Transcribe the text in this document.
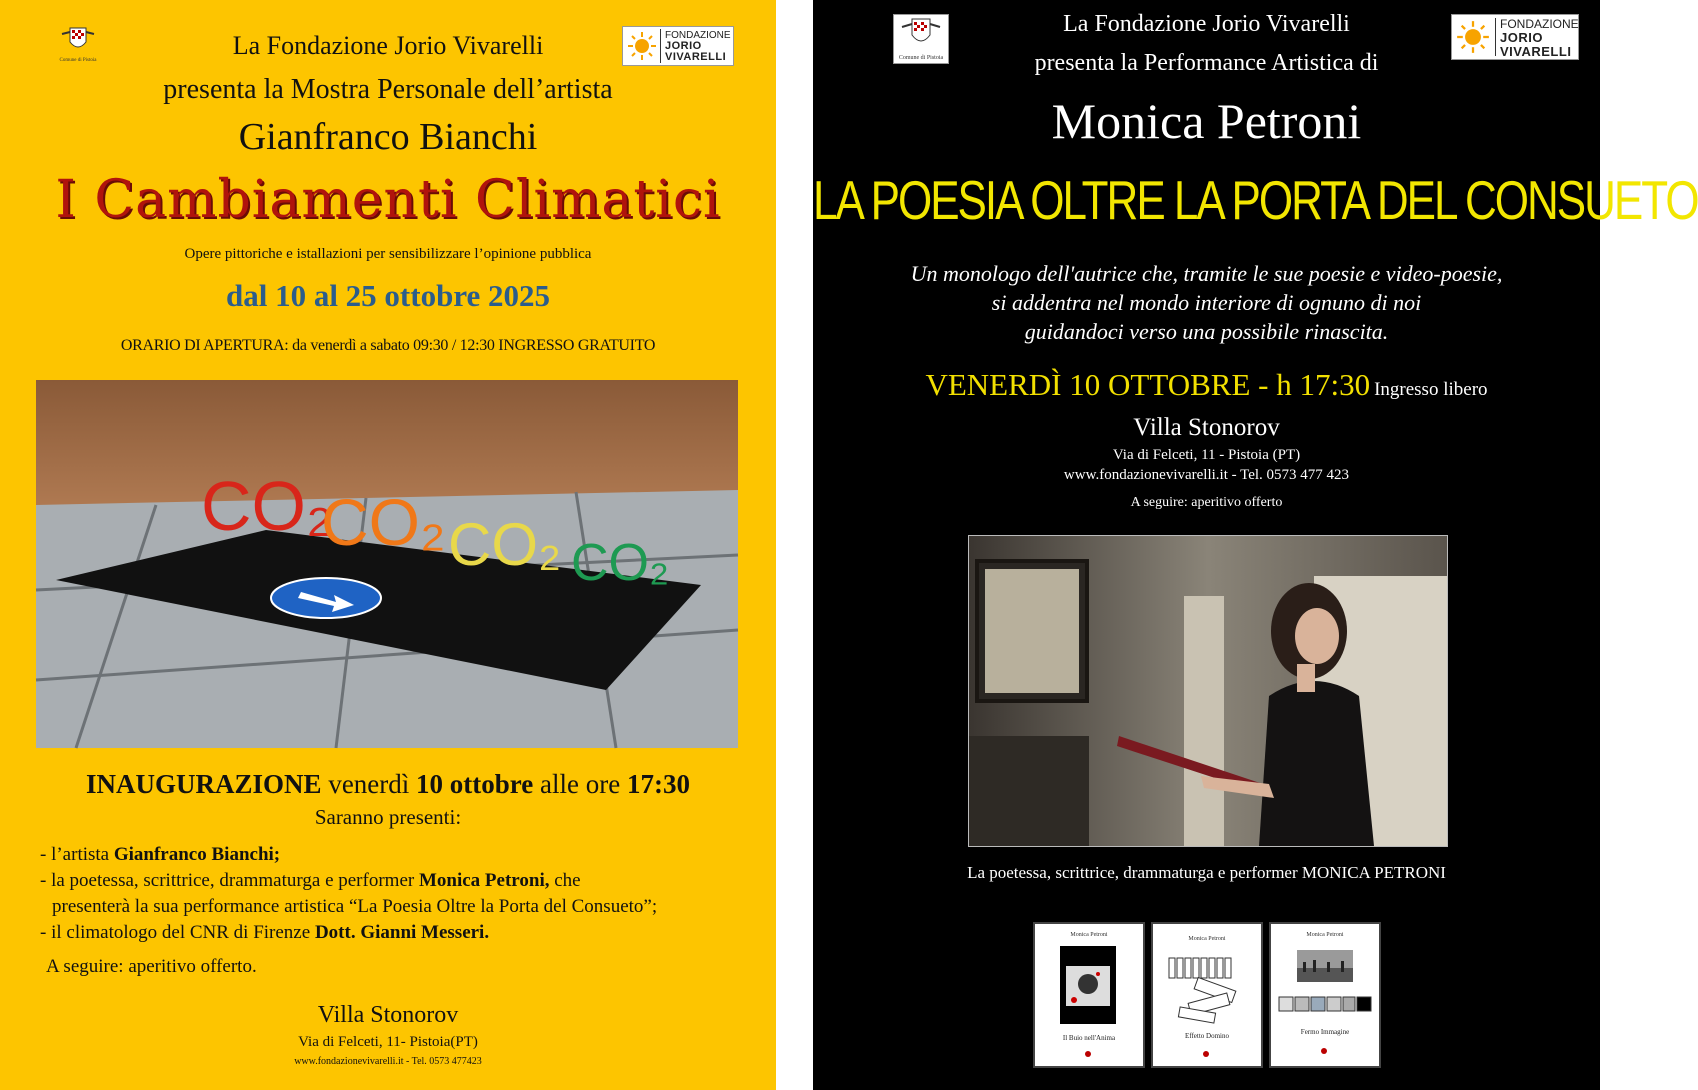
Comune di Pistoia
FONDAZIONE
JORIO
VIVARELLI
La Fondazione Jorio Vivarelli
presenta la Mostra Personale dell’artista
Gianfranco Bianchi
I Cambiamenti Climatici
Opere pittoriche e istallazioni per sensibilizzare l’opinione pubblica
dal 10 al 25 ottobre 2025
ORARIO DI APERTURA: da venerdì a sabato 09:30 / 12:30 INGRESSO GRATUITO
CO₂
CO₂ CO₂ CO₂
INAUGURAZIONE venerdì 10 ottobre alle ore 17:30
Saranno presenti:
- l’artista Gianfranco Bianchi;
- la poetessa, scrittrice, drammaturga e performer Monica Petroni, che
presenterà la sua performance artistica “La Poesia Oltre la Porta del Consueto”;
- il climatologo del CNR di Firenze Dott. Gianni Messeri.
A seguire: aperitivo offerto.
Villa Stonorov
Via di Felceti, 11- Pistoia(PT)
www.fondazionevivarelli.it - Tel. 0573 477423
Comune di Pistoia
FONDAZIONE
JORIO
VIVARELLI
La Fondazione Jorio Vivarelli
presenta la Performance Artistica di
Monica Petroni
LA POESIA OLTRE LA PORTA DEL CONSUETO
Un monologo dell'autrice che, tramite le sue poesie e video-poesie,
si addentra nel mondo interiore di ognuno di noi
guidandoci verso una possibile rinascita.
VENERDÌ 10 OTTOBRE - h 17:30 Ingresso libero
Villa Stonorov
Via di Felceti, 11 - Pistoia (PT)
www.fondazionevivarelli.it - Tel. 0573 477 423
A seguire: aperitivo offerto
La poetessa, scrittrice, drammaturga e performer MONICA PETRONI
Monica Petroni
Il Buio nell'Anima
Monica Petroni
Effetto Domino
Monica Petroni
Fermo Immagine
